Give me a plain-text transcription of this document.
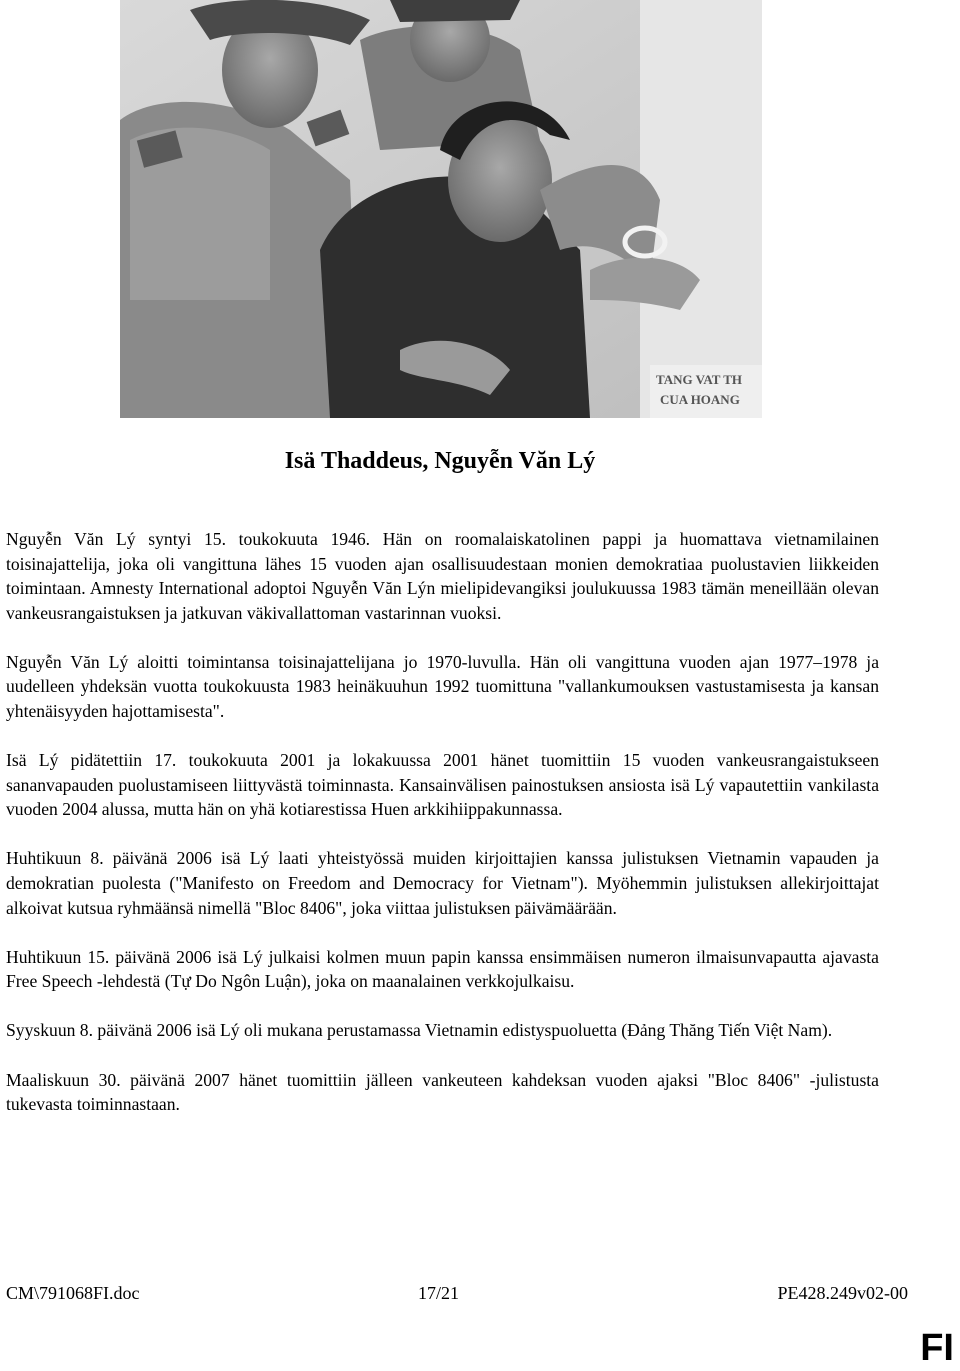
TANG VAT TH
CUA HOANG
Isä Thaddeus, Nguyễn Văn Lý

Nguyễn Văn Lý syntyi 15. toukokuuta 1946. Hän on roomalaiskatolinen pappi ja huomattava vietnamilainen toisinajattelija, joka oli vangittuna lähes 15 vuoden ajan osallisuudestaan monien demokratiaa puolustavien liikkeiden toimintaan. Amnesty International adoptoi Nguyễn Văn Lýn mielipidevangiksi joulukuussa 1983 tämän meneillään olevan vankeusrangaistuksen ja jatkuvan väkivallattoman vastarinnan vuoksi.

Nguyễn Văn Lý aloitti toimintansa toisinajattelijana jo 1970-luvulla. Hän oli vangittuna vuoden ajan 1977–1978 ja uudelleen yhdeksän vuotta toukokuusta 1983 heinäkuuhun 1992 tuomittuna "vallankumouksen vastustamisesta ja kansan yhtenäisyyden hajottamisesta".

Isä Lý pidätettiin 17. toukokuuta 2001 ja lokakuussa 2001 hänet tuomittiin 15 vuoden vankeusrangaistukseen sananvapauden puolustamiseen liittyvästä toiminnasta. Kansainvälisen painostuksen ansiosta isä Lý vapautettiin vankilasta vuoden 2004 alussa, mutta hän on yhä kotiarestissa Huen arkkihiippakunnassa.

Huhtikuun 8. päivänä 2006 isä Lý laati yhteistyössä muiden kirjoittajien kanssa julistuksen Vietnamin vapauden ja demokratian puolesta ("Manifesto on Freedom and Democracy for Vietnam"). Myöhemmin julistuksen allekirjoittajat alkoivat kutsua ryhmäänsä nimellä "Bloc 8406", joka viittaa julistuksen päivämäärään.

Huhtikuun 15. päivänä 2006 isä Lý julkaisi kolmen muun papin kanssa ensimmäisen numeron ilmaisunvapautta ajavasta Free Speech -lehdestä (Tự Do Ngôn Luận), joka on maanalainen verkkojulkaisu.

Syyskuun 8. päivänä 2006 isä Lý oli mukana perustamassa Vietnamin edistyspuoluetta (Đảng Thăng Tiến Việt Nam).

Maaliskuun 30. päivänä 2007 hänet tuomittiin jälleen vankeuteen kahdeksan vuoden ajaksi "Bloc 8406" -julistusta tukevasta toiminnastaan.

CM\791068FI.doc	17/21	PE428.249v02-00
FI
